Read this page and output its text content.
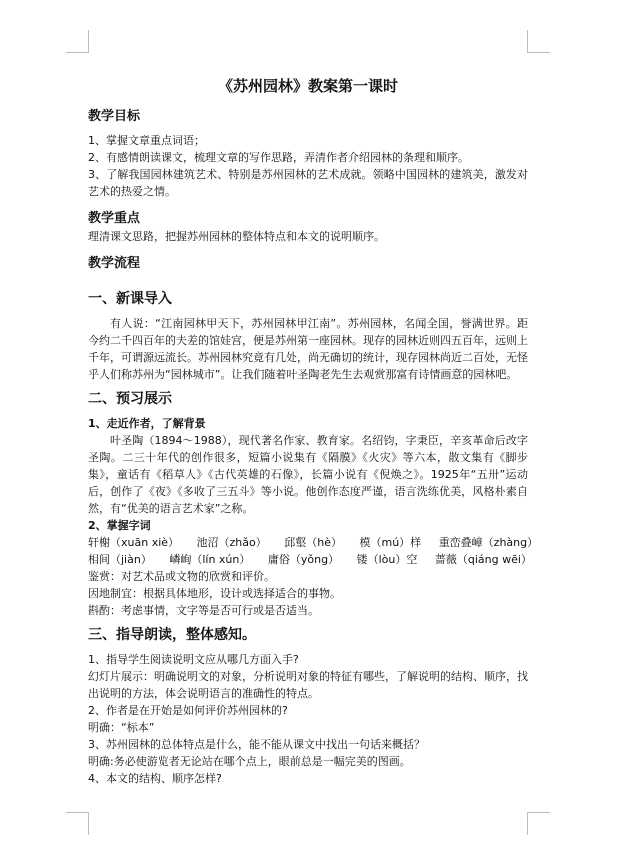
《苏州园林》教案第一课时
教学目标

1、掌握文章重点词语；

2、有感情朗读课文，梳理文章的写作思路，弄清作者介绍园林的条理和顺序。

3、了解我国园林建筑艺术、特别是苏州园林的艺术成就。领略中国园林的建筑美，激发对艺术的热爱之情。

教学重点

理清课文思路，把握苏州园林的整体特点和本文的说明顺序。

教学流程
一、新课导入

有人说：“江南园林甲天下，苏州园林甲江南”。苏州园林，名闻全国，誉满世界。距今约二千四百年的夫差的馆娃宫，便是苏州第一座园林。现存的园林近则四五百年，远则上千年，可谓源远流长。苏州园林究竟有几处，尚无确切的统计，现存园林尚近二百处，无怪乎人们称苏州为“园林城市”。让我们随着叶圣陶老先生去观赏那富有诗情画意的园林吧。

二、预习展示
1、走近作者，了解背景

叶圣陶（1894～1988），现代著名作家、教育家。名绍钧，字秉臣，辛亥革命后改字圣陶。二三十年代的创作很多，短篇小说集有《隔膜》《火灾》等六本，散文集有《脚步集》，童话有《稻草人》《古代英雄的石像》，长篇小说有《倪焕之》。1925年“五卅”运动后，创作了《夜》《多收了三五斗》等小说。他创作态度严谨，语言洗练优美，风格朴素自然，有“优美的语言艺术家”之称。

2、掌握字词
轩榭（xuān xiè） 池沼（zhǎo） 邱壑（hè） 模（mú）样 重峦叠嶂（zhàng）
相间（jiàn） 嶙峋（lín xún） 庸俗（yǒng） 镂（lòu）空 蔷薇（qiáng wēi）

鉴赏：对艺术品或文物的欣赏和评价。

因地制宜：根据具体地形，设计或选择适合的事物。

斟酌：考虑事情，文字等是否可行或是否适当。

三、指导朗读，整体感知。

1、指导学生阅读说明文应从哪几方面入手?

幻灯片展示：明确说明文的对象，分析说明对象的特征有哪些，了解说明的结构、顺序，找出说明的方法，体会说明语言的准确性的特点。

2、作者是在开始是如何评价苏州园林的?

明确：“标本”

3、苏州园林的总体特点是什么，能不能从课文中找出一句话来概括？

明确:务必使游览者无论站在哪个点上，眼前总是一幅完美的图画。

4、本文的结构、顺序怎样?
